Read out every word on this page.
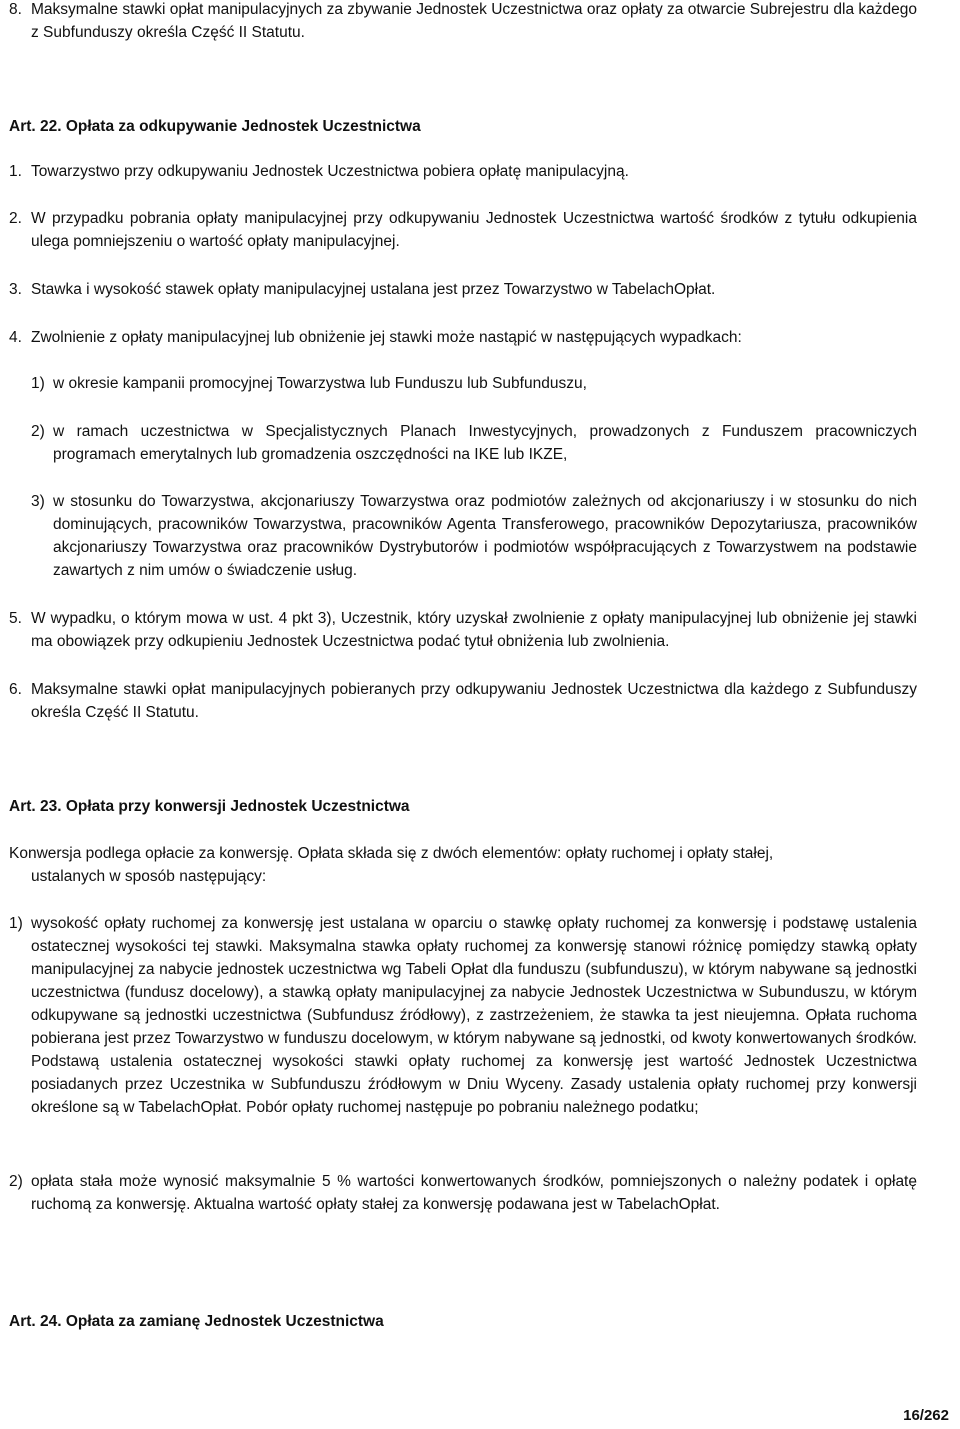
8. Maksymalne stawki opłat manipulacyjnych za zbywanie Jednostek Uczestnictwa oraz opłaty za otwarcie Subrejestru dla każdego z Subfunduszy określa Część II Statutu.
Art. 22. Opłata za odkupywanie Jednostek Uczestnictwa
1. Towarzystwo przy odkupywaniu Jednostek Uczestnictwa pobiera opłatę manipulacyjną.
2. W przypadku pobrania opłaty manipulacyjnej przy odkupywaniu Jednostek Uczestnictwa wartość środków z tytułu odkupienia ulega pomniejszeniu o wartość opłaty manipulacyjnej.
3. Stawka i wysokość stawek opłaty manipulacyjnej ustalana jest przez Towarzystwo w TabelachOpłat.
4. Zwolnienie z opłaty manipulacyjnej lub obniżenie jej stawki może nastąpić w następujących wypadkach:
1) w okresie kampanii promocyjnej Towarzystwa lub Funduszu lub Subfunduszu,
2) w ramach uczestnictwa w Specjalistycznych Planach Inwestycyjnych, prowadzonych z Funduszem pracowniczych programach emerytalnych lub gromadzenia oszczędności na IKE lub IKZE,
3) w stosunku do Towarzystwa, akcjonariuszy Towarzystwa oraz podmiotów zależnych od akcjonariuszy i w stosunku do nich dominujących, pracowników Towarzystwa, pracowników Agenta Transferowego, pracowników Depozytariusza, pracowników akcjonariuszy Towarzystwa oraz pracowników Dystrybutorów i podmiotów współpracujących z Towarzystwem na podstawie zawartych z nim umów o świadczenie usług.
5. W wypadku, o którym mowa w ust. 4 pkt 3), Uczestnik, który uzyskał zwolnienie z opłaty manipulacyjnej lub obniżenie jej stawki ma obowiązek przy odkupieniu Jednostek Uczestnictwa podać tytuł obniżenia lub zwolnienia.
6. Maksymalne stawki opłat manipulacyjnych pobieranych przy odkupywaniu Jednostek Uczestnictwa dla każdego z Subfunduszy określa Część II Statutu.
Art. 23. Opłata przy konwersji Jednostek Uczestnictwa
Konwersja podlega opłacie za konwersję. Opłata składa się z dwóch elementów: opłaty ruchomej i opłaty stałej,
ustalanych w sposób następujący:
1) wysokość opłaty ruchomej za konwersję jest ustalana w oparciu o stawkę opłaty ruchomej za konwersję i podstawę ustalenia ostatecznej wysokości tej stawki. Maksymalna stawka opłaty ruchomej za konwersję stanowi różnicę pomiędzy stawką opłaty manipulacyjnej za nabycie jednostek uczestnictwa wg Tabeli Opłat dla funduszu (subfunduszu), w którym nabywane są jednostki uczestnictwa (fundusz docelowy), a stawką opłaty manipulacyjnej za nabycie Jednostek Uczestnictwa w Subunduszu, w którym odkupywane są jednostki uczestnictwa (Subfundusz źródłowy), z zastrzeżeniem, że stawka ta jest nieujemna. Opłata ruchoma pobierana jest przez Towarzystwo w funduszu docelowym, w którym nabywane są jednostki, od kwoty konwertowanych środków. Podstawą ustalenia ostatecznej wysokości stawki opłaty ruchomej za konwersję jest wartość Jednostek Uczestnictwa posiadanych przez Uczestnika w Subfunduszu źródłowym w Dniu Wyceny. Zasady ustalenia opłaty ruchomej przy konwersji określone są w TabelachOpłat. Pobór opłaty ruchomej następuje po pobraniu należnego podatku;
2) opłata stała może wynosić maksymalnie 5 % wartości konwertowanych środków, pomniejszonych o należny podatek i opłatę ruchomą za konwersję. Aktualna wartość opłaty stałej za konwersję podawana jest w TabelachOpłat.
Art. 24. Opłata za zamianę Jednostek Uczestnictwa
16/262
